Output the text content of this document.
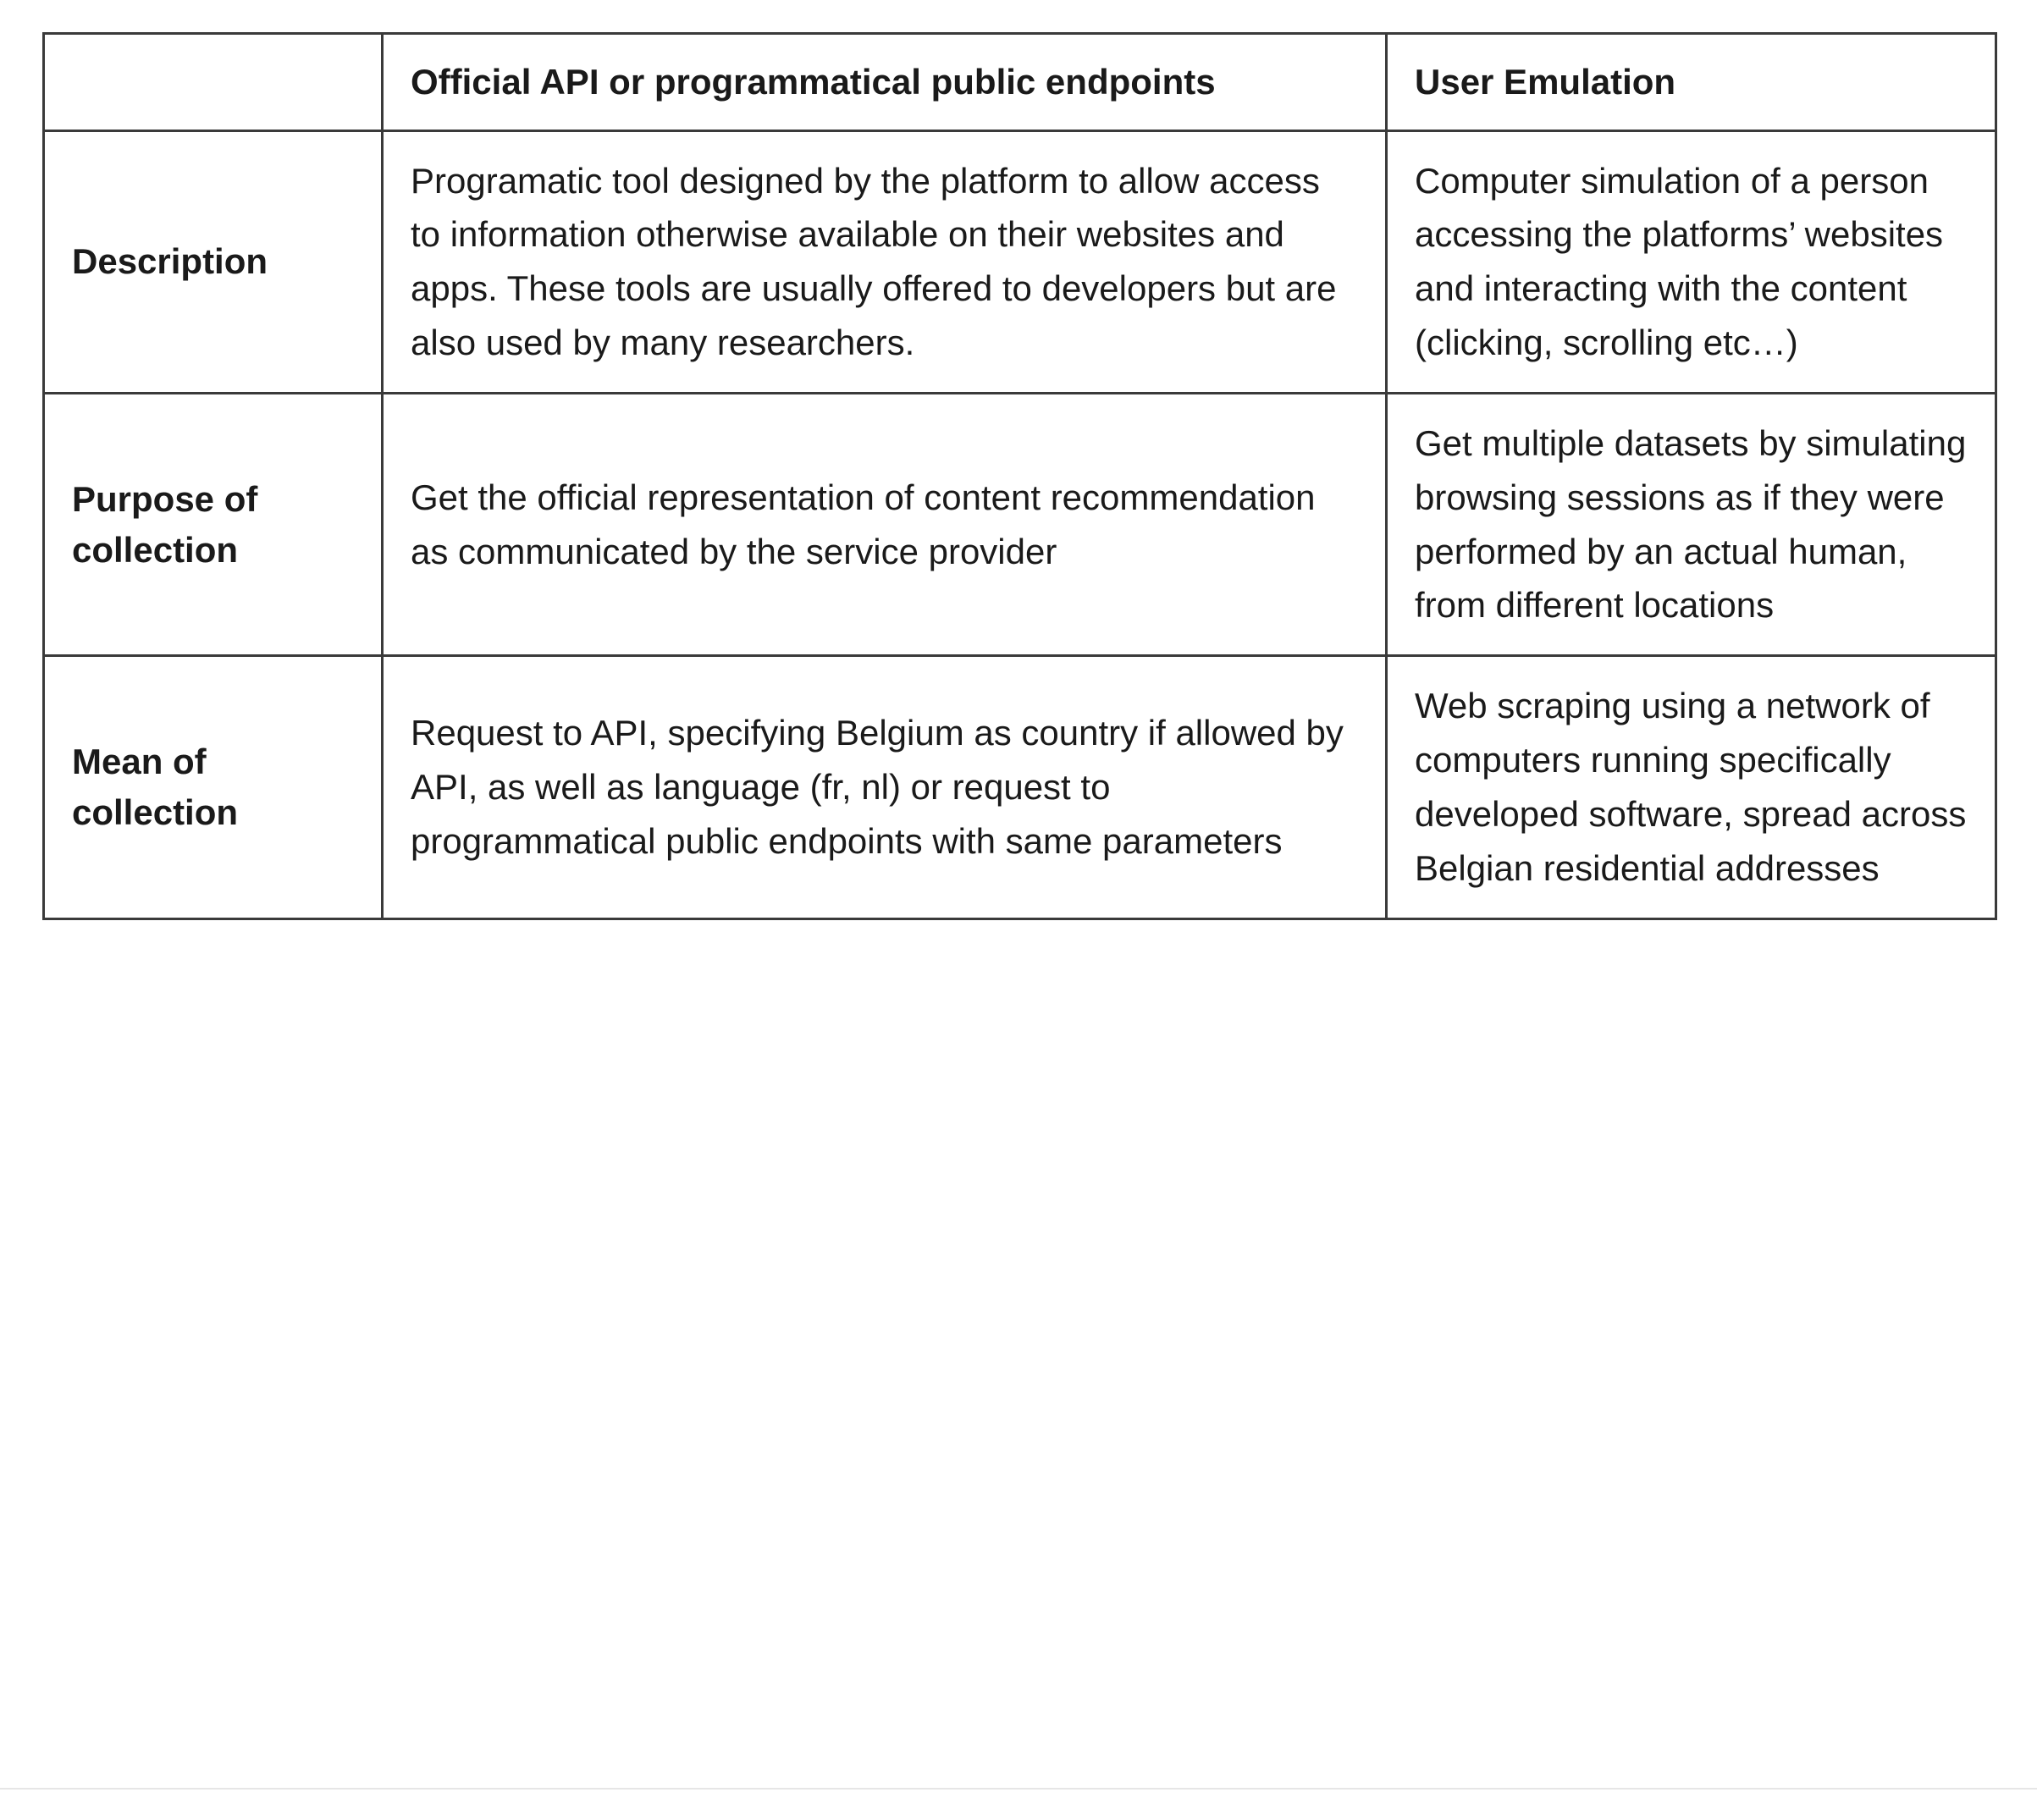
	Official API or programmatical public endpoints	User Emulation
Description	Programatic tool designed by the platform to allow access to information otherwise available on their websites and apps. These tools are usually offered to developers but are also used by many researchers.	Computer simulation of a person accessing the platforms’ websites and interacting with the content (clicking, scrolling etc…)
Purpose of collection	Get the official representation of content recommendation as communicated by the service provider	Get multiple datasets by simulating browsing sessions as if they were performed by an actual human, from different locations
Mean of collection	Request to API, specifying Belgium as country if allowed by API, as well as language (fr, nl) or request to programmatical public endpoints with same parameters	Web scraping using a network of computers running specifically developed software, spread across Belgian residential addresses
